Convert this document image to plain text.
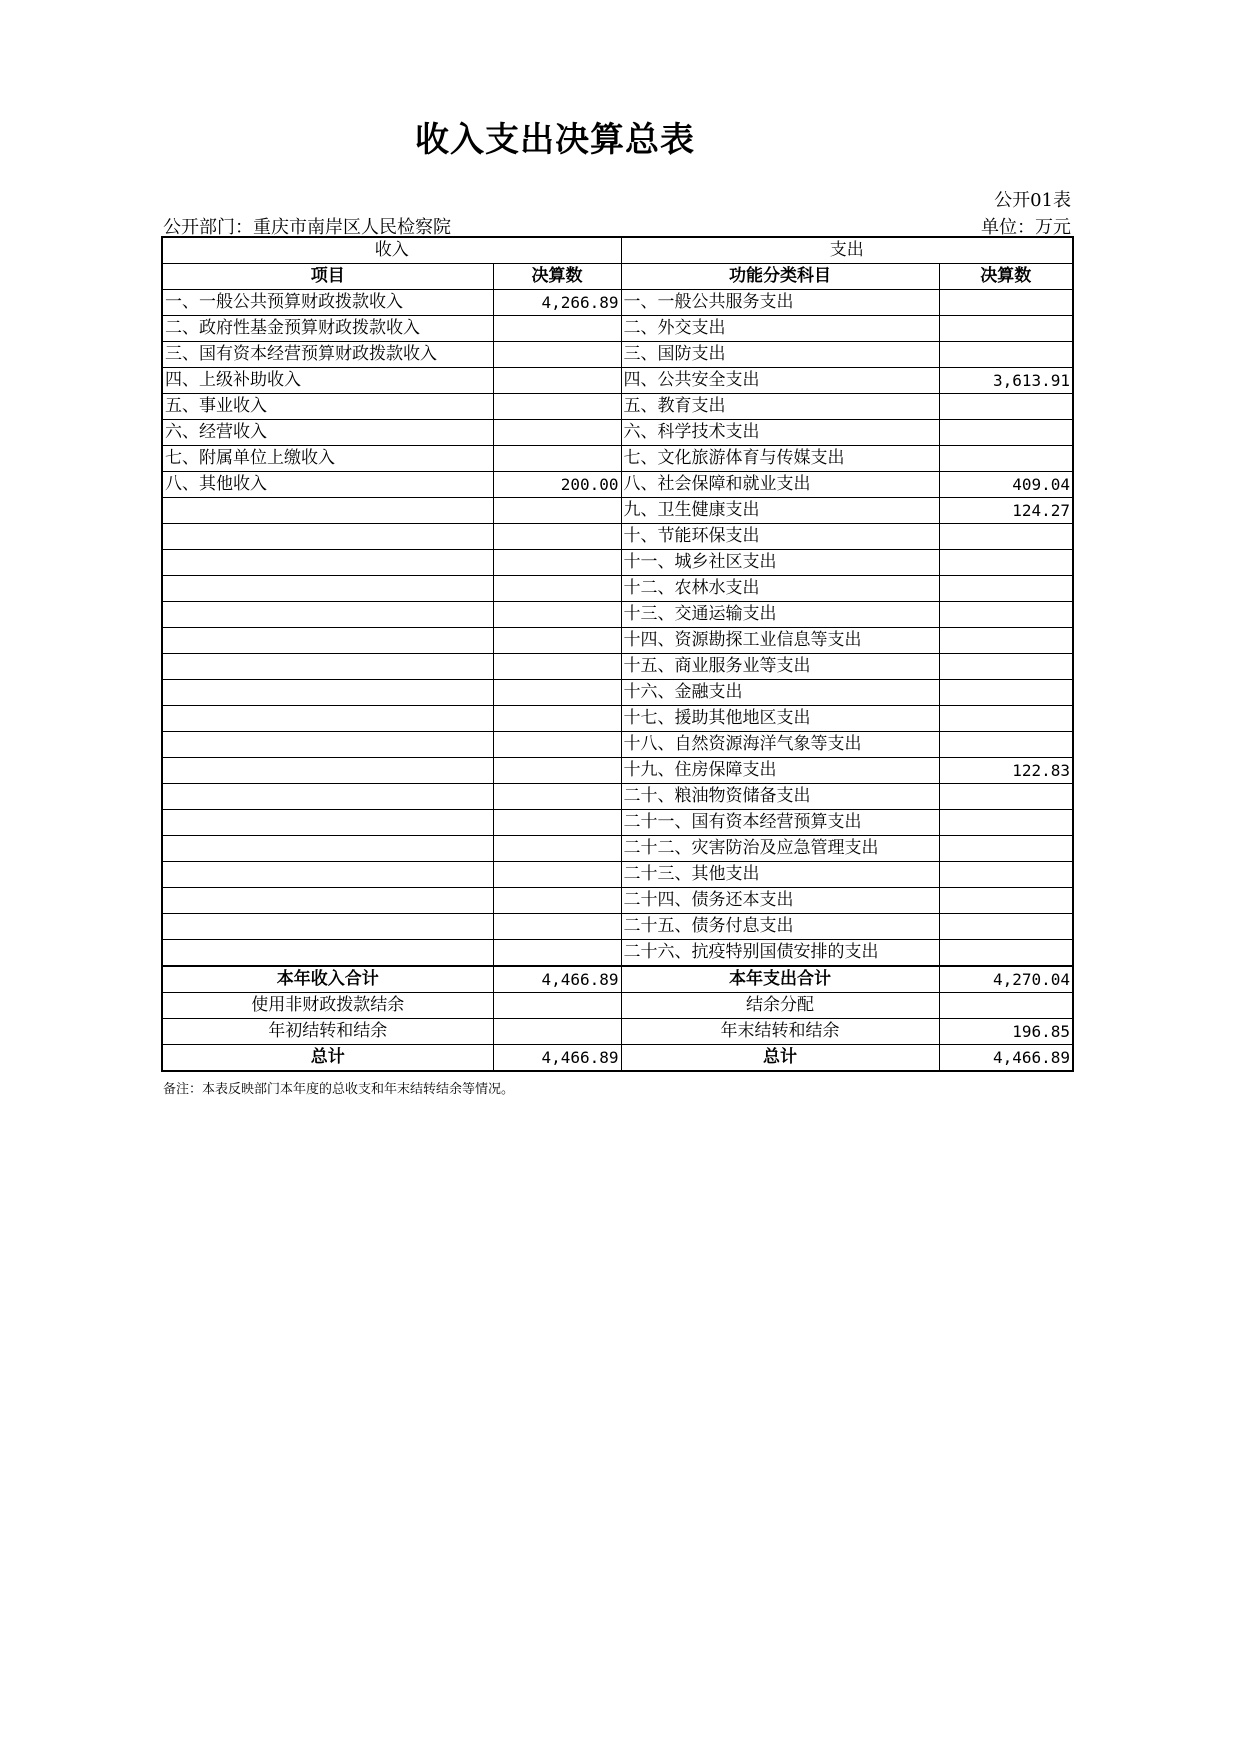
收入支出决算总表
公开01表
公开部门：重庆市南岸区人民检察院	单位：万元
收入		支出	
项目	决算数	功能分类科目	决算数
一、一般公共预算财政拨款收入	4,266.89	一、一般公共服务支出	
二、政府性基金预算财政拨款收入		二、外交支出	
三、国有资本经营预算财政拨款收入		三、国防支出	
四、上级补助收入		四、公共安全支出	3,613.91
五、事业收入		五、教育支出	
六、经营收入		六、科学技术支出	
七、附属单位上缴收入		七、文化旅游体育与传媒支出	
八、其他收入	200.00	八、社会保障和就业支出	409.04
		九、卫生健康支出	124.27
		十、节能环保支出	
		十一、城乡社区支出	
		十二、农林水支出	
		十三、交通运输支出	
		十四、资源勘探工业信息等支出	
		十五、商业服务业等支出	
		十六、金融支出	
		十七、援助其他地区支出	
		十八、自然资源海洋气象等支出	
		十九、住房保障支出	122.83
		二十、粮油物资储备支出	
		二十一、国有资本经营预算支出	
		二十二、灾害防治及应急管理支出	
		二十三、其他支出	
		二十四、债务还本支出	
		二十五、债务付息支出	
		二十六、抗疫特别国债安排的支出	
本年收入合计	4,466.89	本年支出合计	4,270.04
使用非财政拨款结余		结余分配	
年初结转和结余		年末结转和结余	196.85
总计	4,466.89	总计	4,466.89
备注：本表反映部门本年度的总收支和年末结转结余等情况。
